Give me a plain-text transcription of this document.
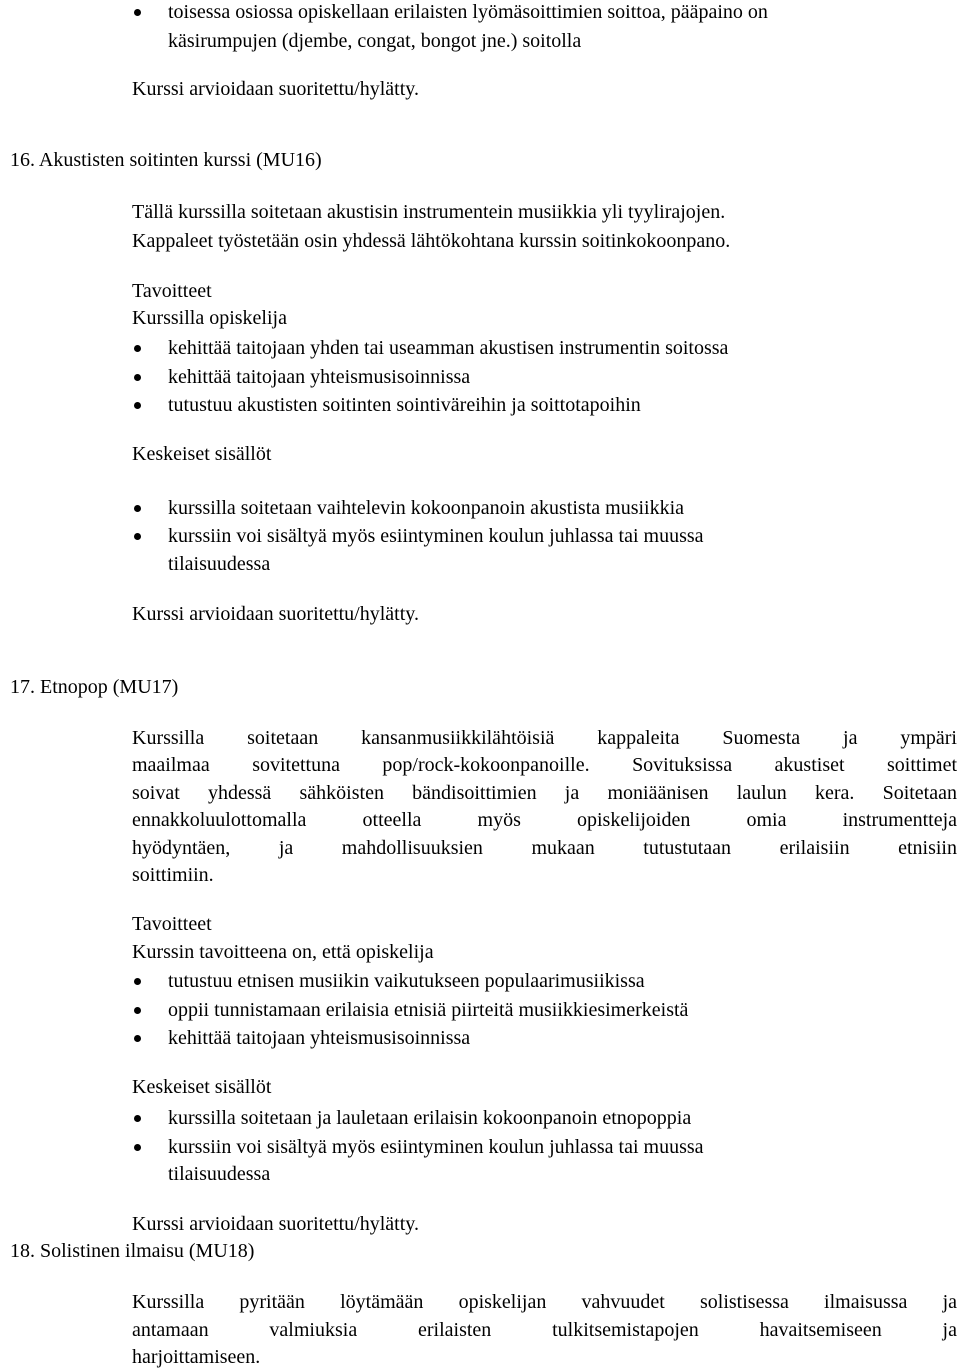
toisessa osiossa opiskellaan erilaisten lyömäsoittimien soittoa, pääpaino on
käsirumpujen (djembe, congat, bongot jne.) soitolla
Kurssi arvioidaan suoritettu/hylätty.
16. Akustisten soitinten kurssi (MU16)
Tällä kurssilla soitetaan akustisin instrumentein musiikkia yli tyylirajojen.
Kappaleet työstetään osin yhdessä lähtökohtana kurssin soitinkokoonpano.
Tavoitteet
Kurssilla opiskelija
kehittää taitojaan yhden tai useamman akustisen instrumentin soitossa
kehittää taitojaan yhteismusisoinnissa
tutustuu akustisten soitinten sointiväreihin ja soittotapoihin
Keskeiset sisällöt
kurssilla soitetaan vaihtelevin kokoonpanoin akustista musiikkia
kurssiin voi sisältyä myös esiintyminen koulun juhlassa tai muussa
tilaisuudessa
Kurssi arvioidaan suoritettu/hylätty.
17. Etnopop (MU17)
Kurssilla soitetaan kansanmusiikkilähtöisiä kappaleita Suomesta ja ympäri
maailmaa sovitettuna pop/rock-kokoonpanoille. Sovituksissa akustiset soittimet
soivat yhdessä sähköisten bändisoittimien ja moniäänisen laulun kera. Soitetaan
ennakkoluulottomalla otteella myös opiskelijoiden omia instrumentteja
hyödyntäen, ja mahdollisuuksien mukaan tutustutaan erilaisiin etnisiin
soittimiin.
Tavoitteet
Kurssin tavoitteena on, että opiskelija
tutustuu etnisen musiikin vaikutukseen populaarimusiikissa
oppii tunnistamaan erilaisia etnisiä piirteitä musiikkiesimerkeistä
kehittää taitojaan yhteismusisoinnissa
Keskeiset sisällöt
kurssilla soitetaan ja lauletaan erilaisin kokoonpanoin etnopoppia
kurssiin voi sisältyä myös esiintyminen koulun juhlassa tai muussa
tilaisuudessa
Kurssi arvioidaan suoritettu/hylätty.
18. Solistinen ilmaisu (MU18)
Kurssilla pyritään löytämään opiskelijan vahvuudet solistisessa ilmaisussa ja
antamaan valmiuksia erilaisten tulkitsemistapojen havaitsemiseen ja
harjoittamiseen.
